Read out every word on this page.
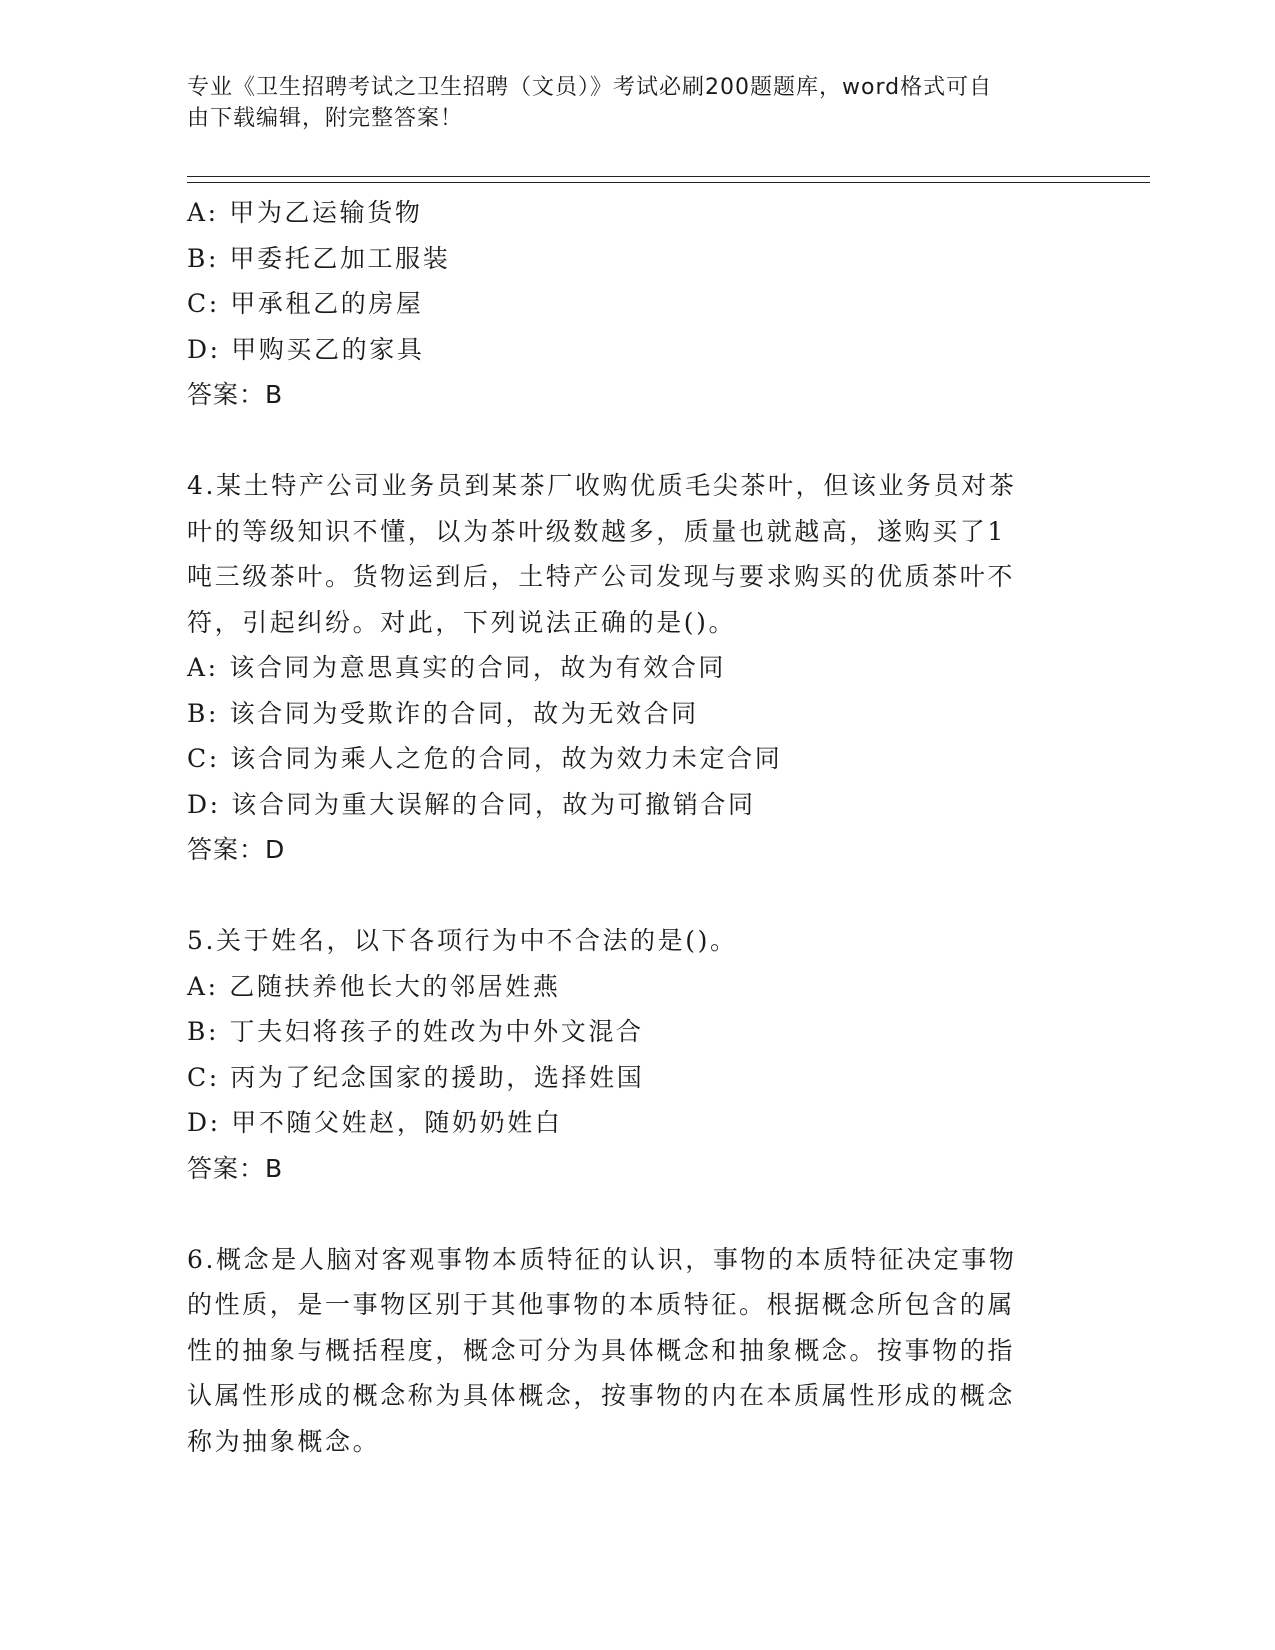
专业《卫生招聘考试之卫生招聘（文员）》考试必刷200题题库，word格式可自
由下载编辑，附完整答案！
A: 甲为乙运输货物
B: 甲委托乙加工服装
C: 甲承租乙的房屋
D: 甲购买乙的家具
答案：B
4.某土特产公司业务员到某茶厂收购优质毛尖茶叶，但该业务员对茶
叶的等级知识不懂，以为茶叶级数越多，质量也就越高，遂购买了1
吨三级茶叶。货物运到后，土特产公司发现与要求购买的优质茶叶不
符，引起纠纷。对此，下列说法正确的是()。
A: 该合同为意思真实的合同，故为有效合同
B: 该合同为受欺诈的合同，故为无效合同
C: 该合同为乘人之危的合同，故为效力未定合同
D: 该合同为重大误解的合同，故为可撤销合同
答案：D
5.关于姓名，以下各项行为中不合法的是()。
A: 乙随扶养他长大的邻居姓燕
B: 丁夫妇将孩子的姓改为中外文混合
C: 丙为了纪念国家的援助，选择姓国
D: 甲不随父姓赵，随奶奶姓白
答案：B
6.概念是人脑对客观事物本质特征的认识，事物的本质特征决定事物
的性质，是一事物区别于其他事物的本质特征。根据概念所包含的属
性的抽象与概括程度，概念可分为具体概念和抽象概念。按事物的指
认属性形成的概念称为具体概念，按事物的内在本质属性形成的概念
称为抽象概念。
